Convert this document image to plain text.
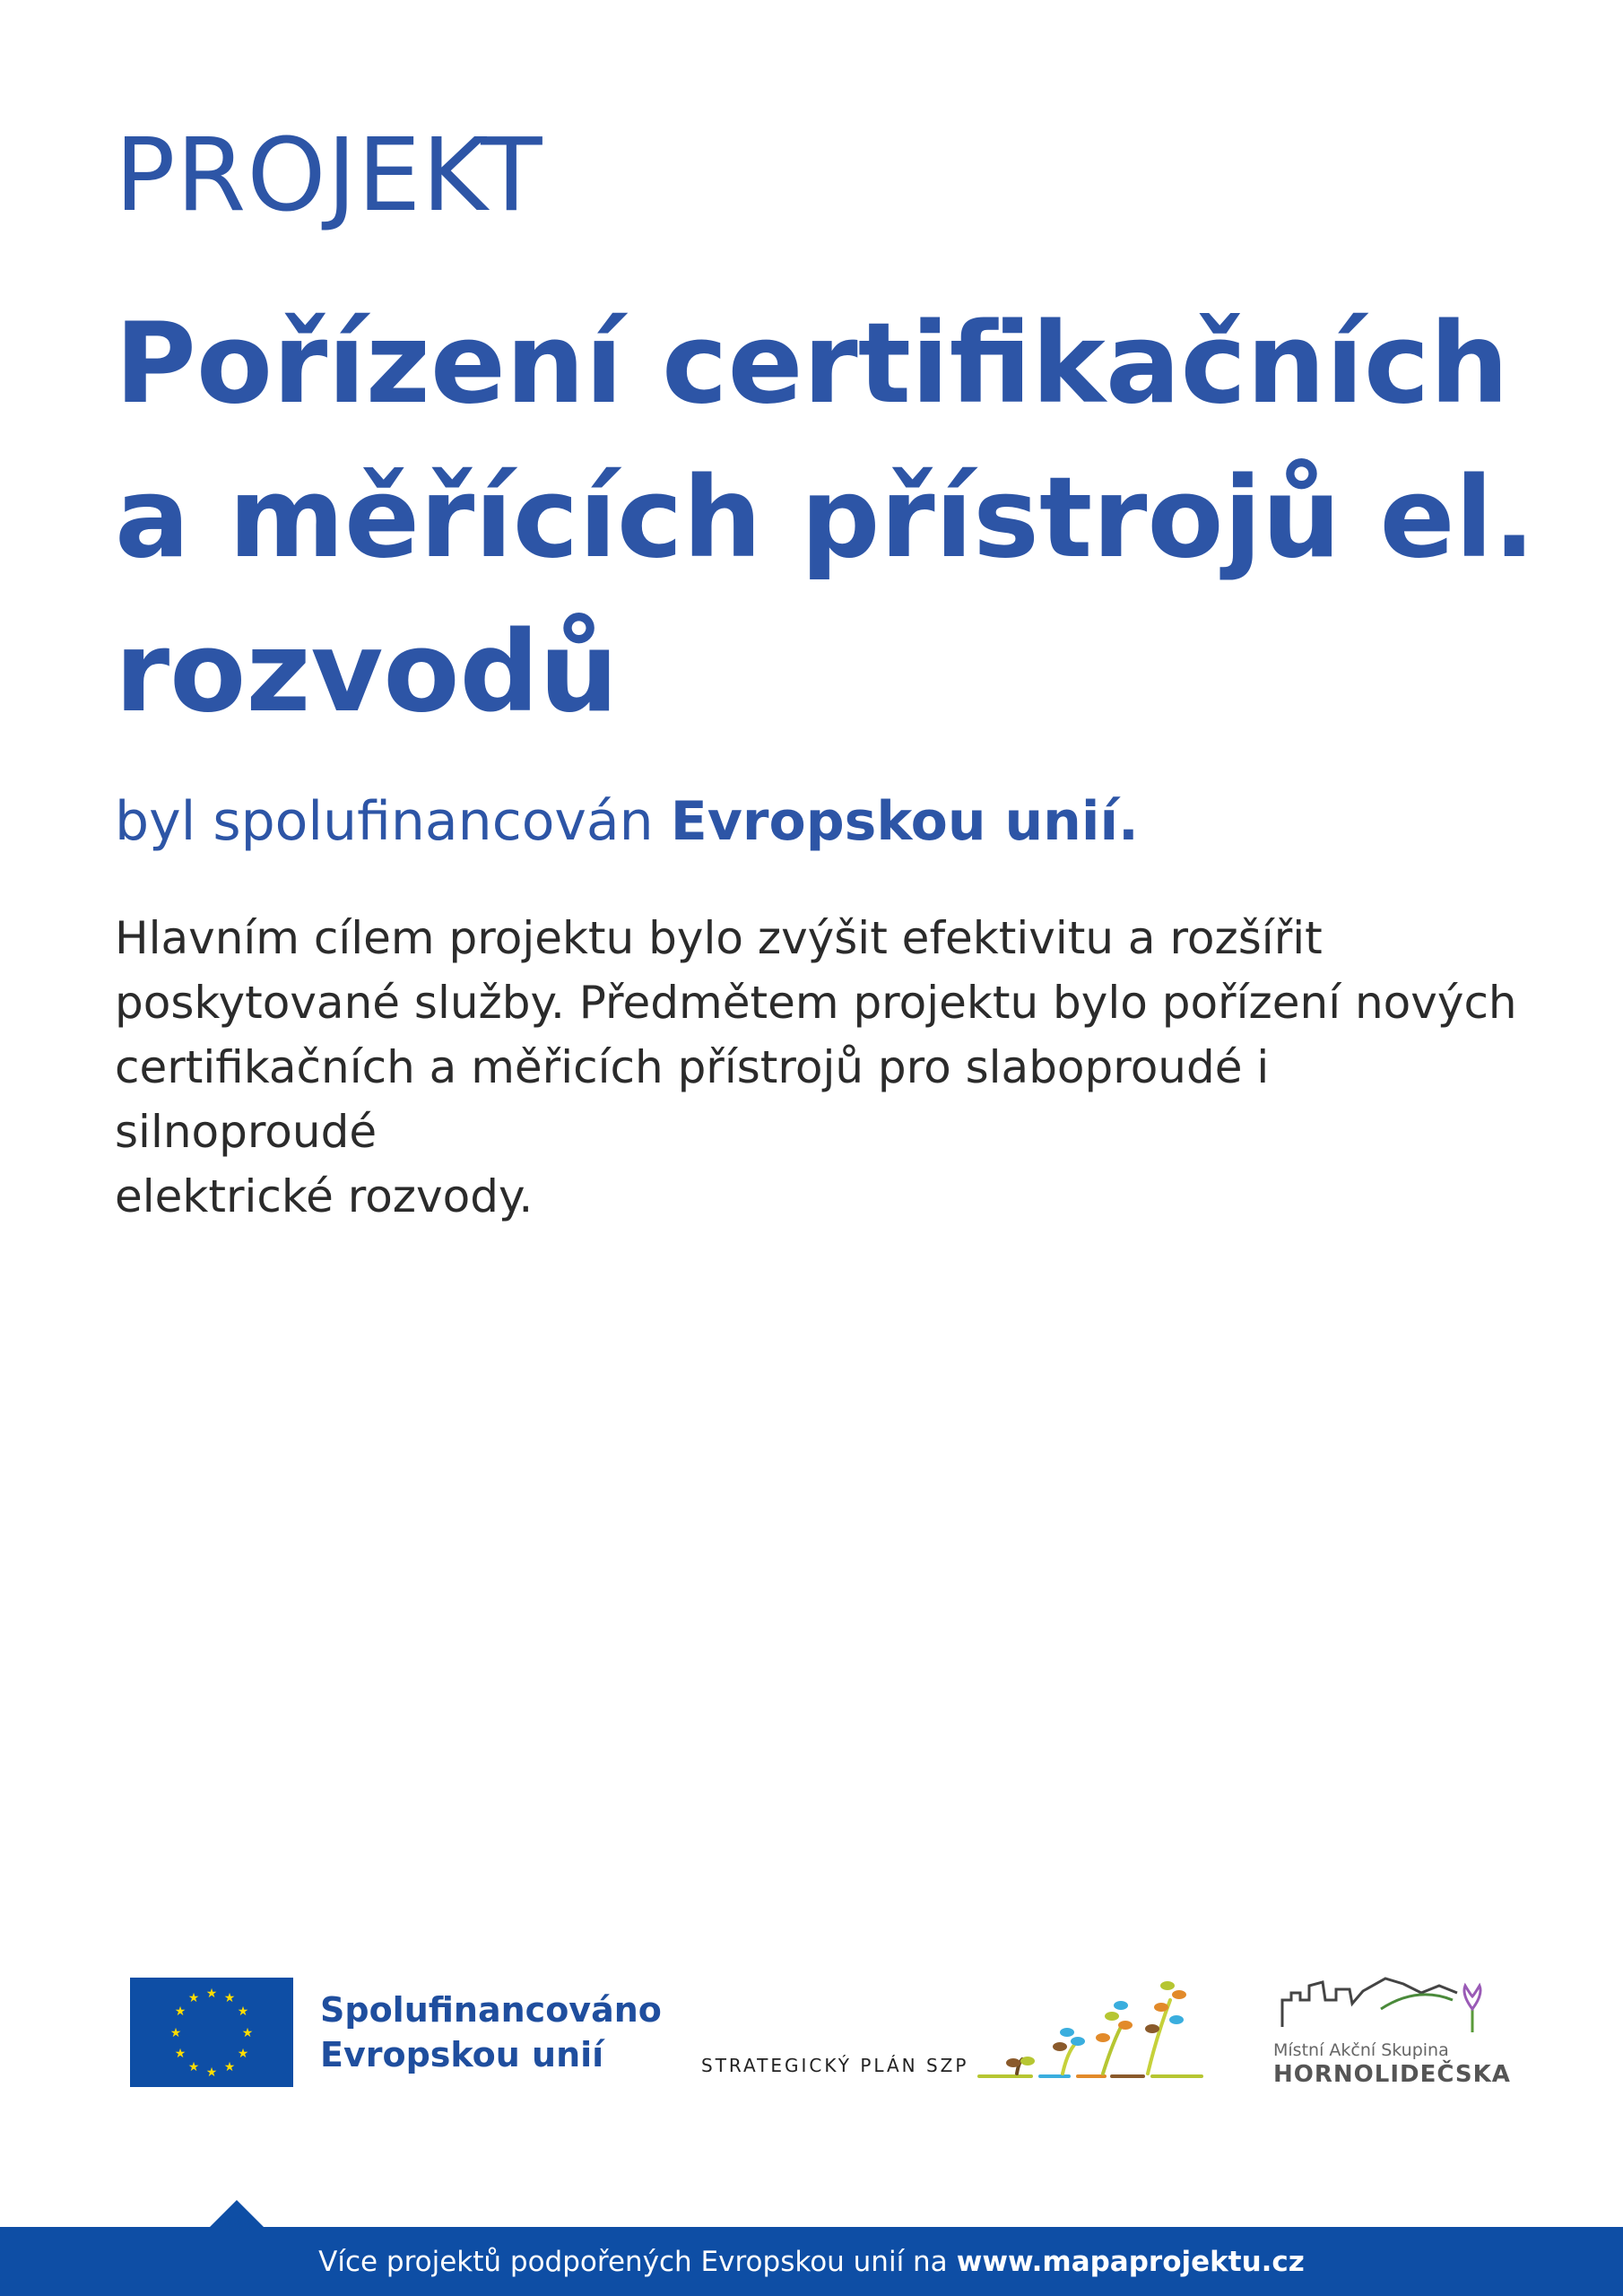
PROJEKT
Pořízení certifikačních
a měřících přístrojů el.
rozvodů
byl spolufinancován Evropskou unií.
Hlavním cílem projektu bylo zvýšit efektivitu a rozšířit
poskytované služby. Předmětem projektu bylo pořízení nových
certifikačních a měřicích přístrojů pro slaboproudé i silnoproudé
elektrické rozvody.
★ ★
★
★
★
★
★
★
★
★
★
★	Spolufinancováno
Evropskou unií	STRATEGICKÝ PLÁN SZP
Místní Akční Skupina
HORNOLIDEČSKA
Více projektů podpořených Evropskou unií na www.mapaprojektu.cz
